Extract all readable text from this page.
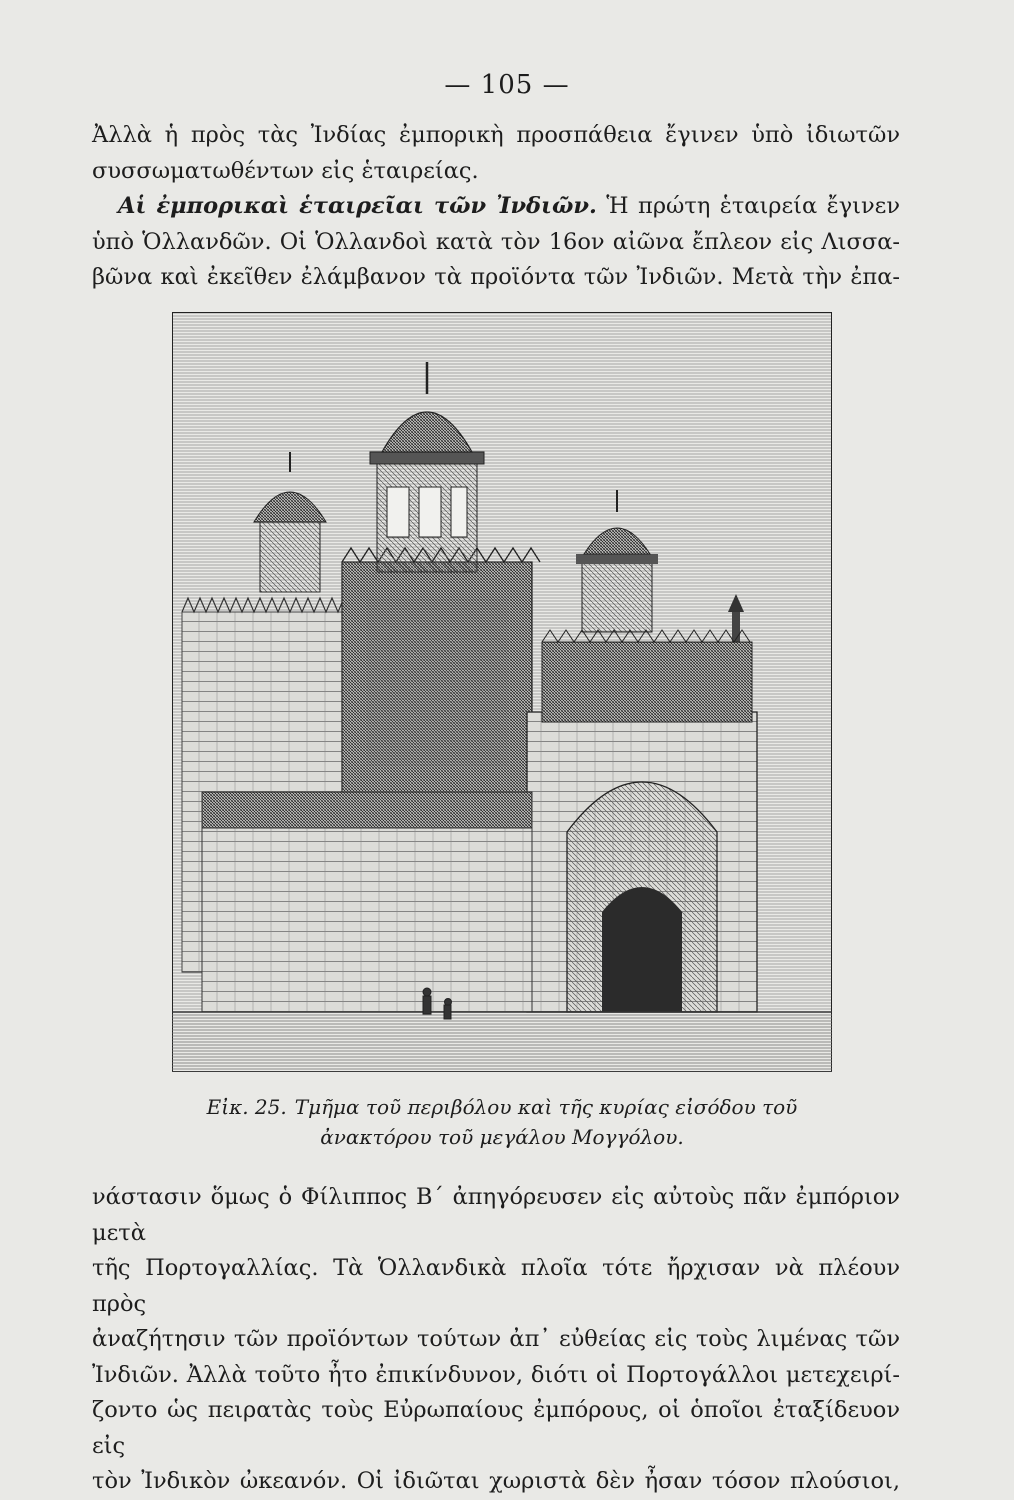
— 105 —

Ἀλλὰ ἡ πρὸς τὰς Ἰνδίας ἐμπορικὴ προσπάθεια ἔγινεν ὑπὸ ἰδιωτῶν

συσσωματωθέντων εἰς ἑταιρείας.

Αἱ ἐμπορικαὶ ἑταιρεῖαι τῶν Ἰνδιῶν. Ἡ πρώτη ἑταιρεία ἔγινεν

ὑπὸ Ὁλλανδῶν. Οἱ Ὁλλανδοὶ κατὰ τὸν 16ον αἰῶνα ἔπλεον εἰς Λισσα-

βῶνα καὶ ἐκεῖθεν ἐλάμβανον τὰ προϊόντα τῶν Ἰνδιῶν. Μετὰ τὴν ἐπα-

Εἰκ. 25. Τμῆμα τοῦ περιβόλου καὶ τῆς κυρίας εἰσόδου τοῦ
ἀνακτόρου τοῦ μεγάλου Μογγόλου.

νάστασιν ὅμως ὁ Φίλιππος Β΄ ἀπηγόρευσεν εἰς αὐτοὺς πᾶν ἐμπόριον μετὰ

τῆς Πορτογαλλίας. Τὰ Ὁλλανδικὰ πλοῖα τότε ἤρχισαν νὰ πλέουν πρὸς

ἀναζήτησιν τῶν προϊόντων τούτων ἀπ᾽ εὐθείας εἰς τοὺς λιμένας τῶν

Ἰνδιῶν. Ἀλλὰ τοῦτο ἦτο ἐπικίνδυνον, διότι οἱ Πορτογάλλοι μετεχειρί-

ζοντο ὡς πειρατὰς τοὺς Εὐρωπαίους ἐμπόρους, οἱ ὁποῖοι ἐταξίδευον εἰς

τὸν Ἰνδικὸν ὠκεανόν. Οἱ ἰδιῶται χωριστὰ δὲν ἦσαν τόσον πλούσιοι,
